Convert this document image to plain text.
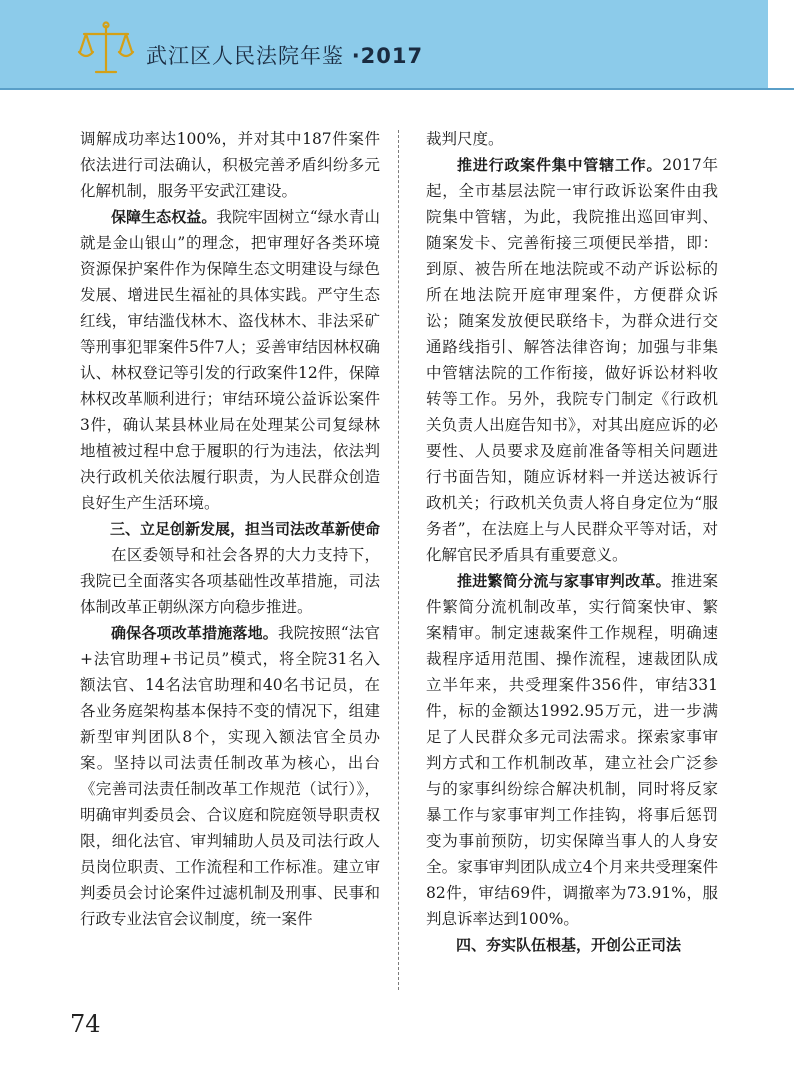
武江区人民法院年鉴 ·2017

调解成功率达100%，并对其中187件案件依法进行司法确认，积极完善矛盾纠纷多元化解机制，服务平安武江建设。

保障生态权益。我院牢固树立“绿水青山就是金山银山”的理念，把审理好各类环境资源保护案件作为保障生态文明建设与绿色发展、增进民生福祉的具体实践。严守生态红线，审结滥伐林木、盗伐林木、非法采矿等刑事犯罪案件5件7人；妥善审结因林权确认、林权登记等引发的行政案件12件，保障林权改革顺利进行；审结环境公益诉讼案件3件，确认某县林业局在处理某公司复绿林地植被过程中怠于履职的行为违法，依法判决行政机关依法履行职责，为人民群众创造良好生产生活环境。

三、立足创新发展，担当司法改革新使命

在区委领导和社会各界的大力支持下，我院已全面落实各项基础性改革措施，司法体制改革正朝纵深方向稳步推进。

确保各项改革措施落地。我院按照“法官+法官助理+书记员”模式，将全院31名入额法官、14名法官助理和40名书记员，在各业务庭架构基本保持不变的情况下，组建新型审判团队8个，实现入额法官全员办案。坚持以司法责任制改革为核心，出台《完善司法责任制改革工作规范（试行）》，明确审判委员会、合议庭和院庭领导职责权限，细化法官、审判辅助人员及司法行政人员岗位职责、工作流程和工作标准。建立审判委员会讨论案件过滤机制及刑事、民事和行政专业法官会议制度，统一案件

裁判尺度。

推进行政案件集中管辖工作。2017年起，全市基层法院一审行政诉讼案件由我院集中管辖，为此，我院推出巡回审判、随案发卡、完善衔接三项便民举措，即：到原、被告所在地法院或不动产诉讼标的所在地法院开庭审理案件，方便群众诉讼；随案发放便民联络卡，为群众进行交通路线指引、解答法律咨询；加强与非集中管辖法院的工作衔接，做好诉讼材料收转等工作。另外，我院专门制定《行政机关负责人出庭告知书》，对其出庭应诉的必要性、人员要求及庭前准备等相关问题进行书面告知，随应诉材料一并送达被诉行政机关；行政机关负责人将自身定位为“服务者”，在法庭上与人民群众平等对话，对化解官民矛盾具有重要意义。

推进繁简分流与家事审判改革。推进案件繁简分流机制改革，实行简案快审、繁案精审。制定速裁案件工作规程，明确速裁程序适用范围、操作流程，速裁团队成立半年来，共受理案件356件，审结331件，标的金额达1992.95万元，进一步满足了人民群众多元司法需求。探索家事审判方式和工作机制改革，建立社会广泛参与的家事纠纷综合解决机制，同时将反家暴工作与家事审判工作挂钩，将事后惩罚变为事前预防，切实保障当事人的人身安全。家事审判团队成立4个月来共受理案件82件，审结69件，调撤率为73.91%，服判息诉率达到100%。

四、夯实队伍根基，开创公正司法

74
